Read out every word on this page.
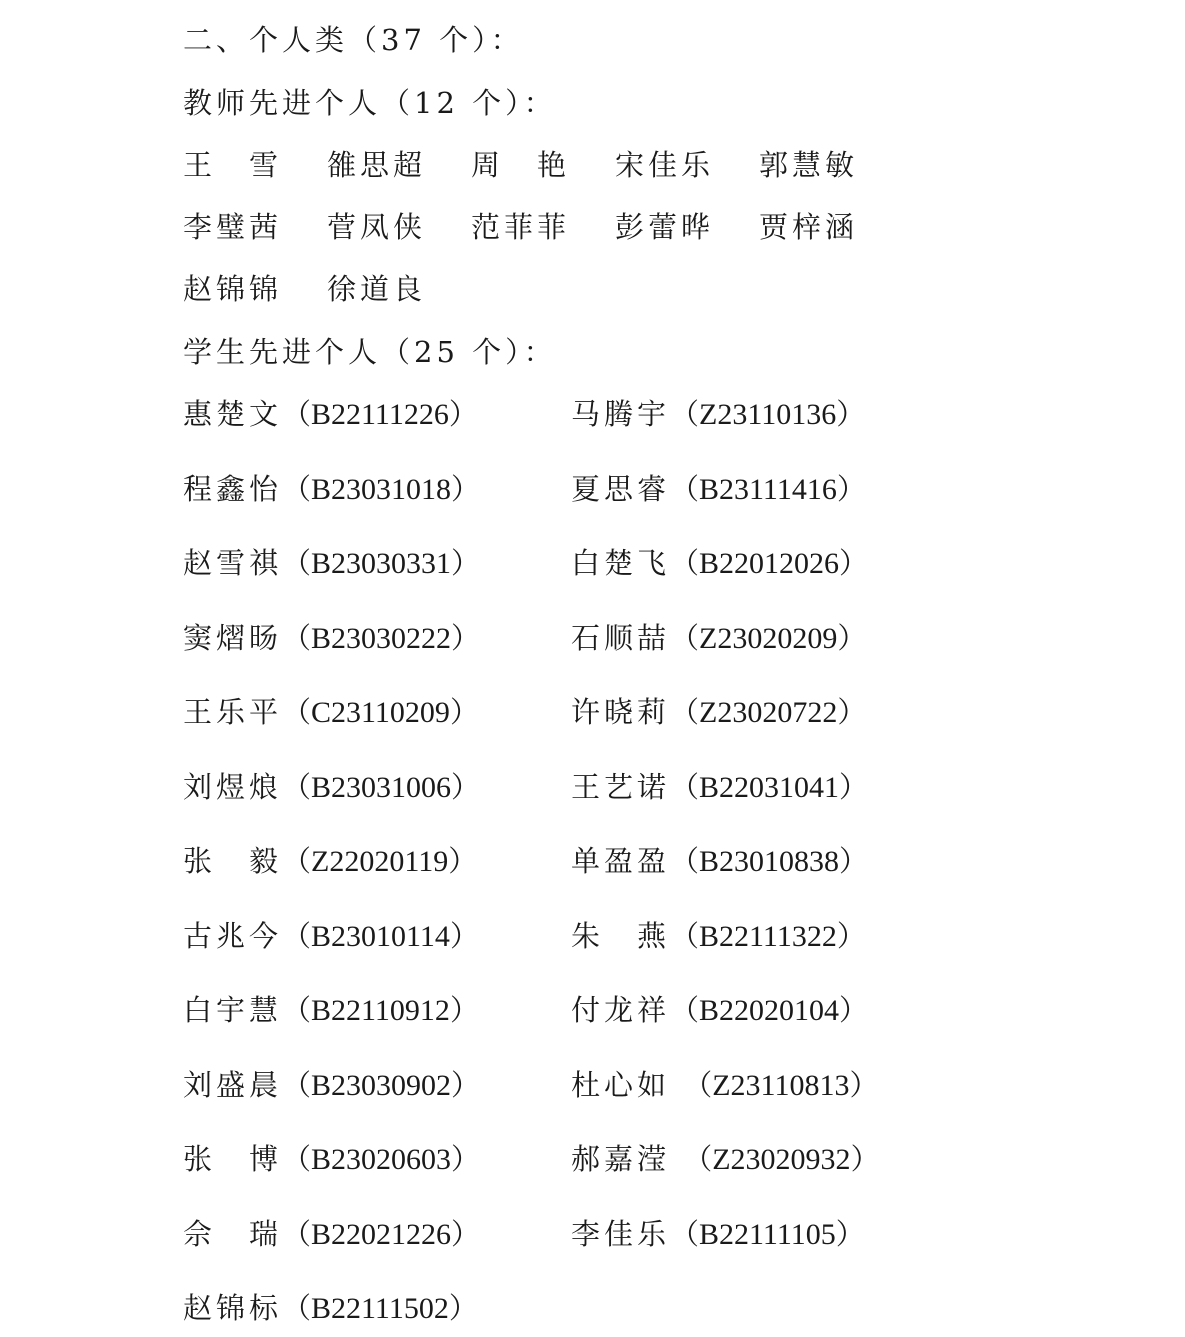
二、个人类（37 个）：
教师先进个人（12 个）：
王　雪 雒思超 周　艳 宋佳乐 郭慧敏
李璧茜 菅凤侠 范菲菲 彭蕾晔 贾梓涵
赵锦锦 徐道良
学生先进个人（25 个）：
惠楚文（B22111226）	马腾宇（Z23110136）
程鑫怡（B23031018）	夏思睿（B23111416）
赵雪祺（B23030331）	白楚飞（B22012026）
窦熠旸（B23030222）	石顺喆（Z23020209）
王乐平（C23110209）	许晓莉（Z23020722）
刘煜烺（B23031006）	王艺诺（B22031041）
张　毅（Z22020119）	单盈盈（B23010838）
古兆今（B23010114）	朱　燕（B22111322）
白宇慧（B22110912）	付龙祥（B22020104）
刘盛晨（B23030902）	杜心如 （Z23110813）
张　博（B23020603）	郝嘉滢 （Z23020932）
佘　瑞（B22021226）	李佳乐（B22111105）
赵锦标（B22111502）
